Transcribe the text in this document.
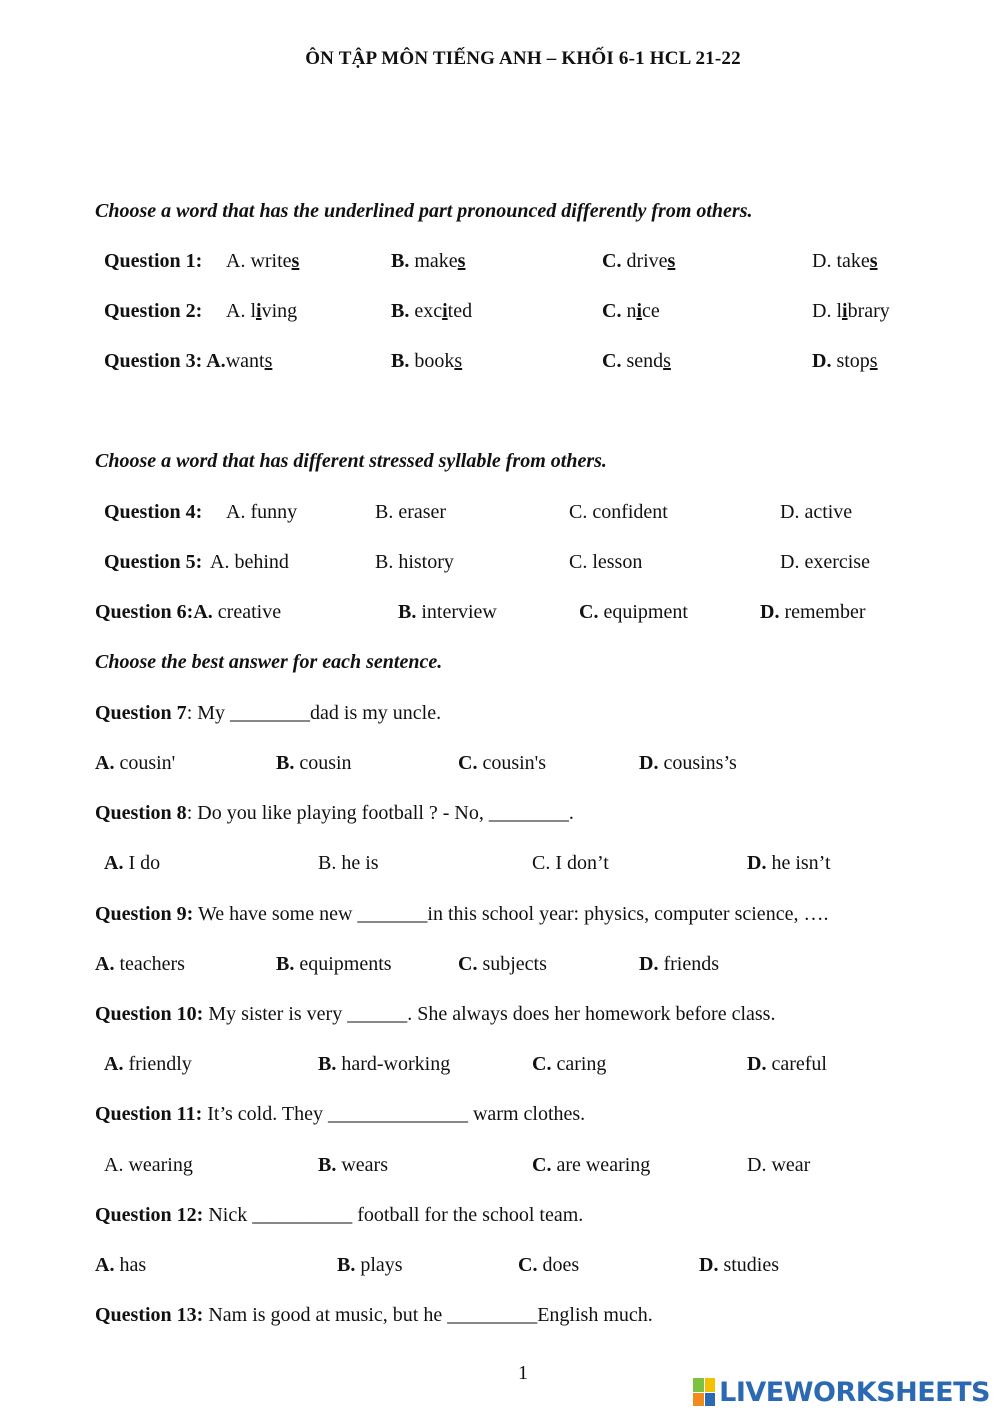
ÔN TẬP MÔN TIẾNG ANH – KHỐI 6-1 HCL 21-22
Choose a word that has the underlined part pronounced differently from others.
Question 1: A. writes	B. makes	C. drives	D. takes
Question 2: A. living	B. excited	C. nice	D. library
Question 3: A.wants	B. books	C. sends	D. stops
Choose a word that has different stressed syllable from others.
Question 4: A. funny	B. eraser	C. confident	D. active
Question 5: A. behind	B. history	C. lesson	D. exercise
Question 6:A. creative	B. interview	C. equipment	D. remember
Choose the best answer for each sentence.
Question 7: My ________dad is my uncle.
A. cousin'	B. cousin	C. cousin's	D. cousins’s
Question 8: Do you like playing football ? - No, ________.
A. I do	B. he is	C. I don’t	D. he isn’t
Question 9: We have some new _______in this school year: physics, computer science, ….
A. teachers	B. equipments	C. subjects	D. friends
Question 10: My sister is very ______. She always does her homework before class.
A. friendly	B. hard-working	C. caring	D. careful
Question 11: It’s cold. They ______________ warm clothes.
A. wearing	B. wears	C. are wearing	D. wear
Question 12: Nick __________ football for the school team.
A. has	B. plays	C. does	D. studies
Question 13: Nam is good at music, but he _________English much.
1
LIVEWORKSHEETS
